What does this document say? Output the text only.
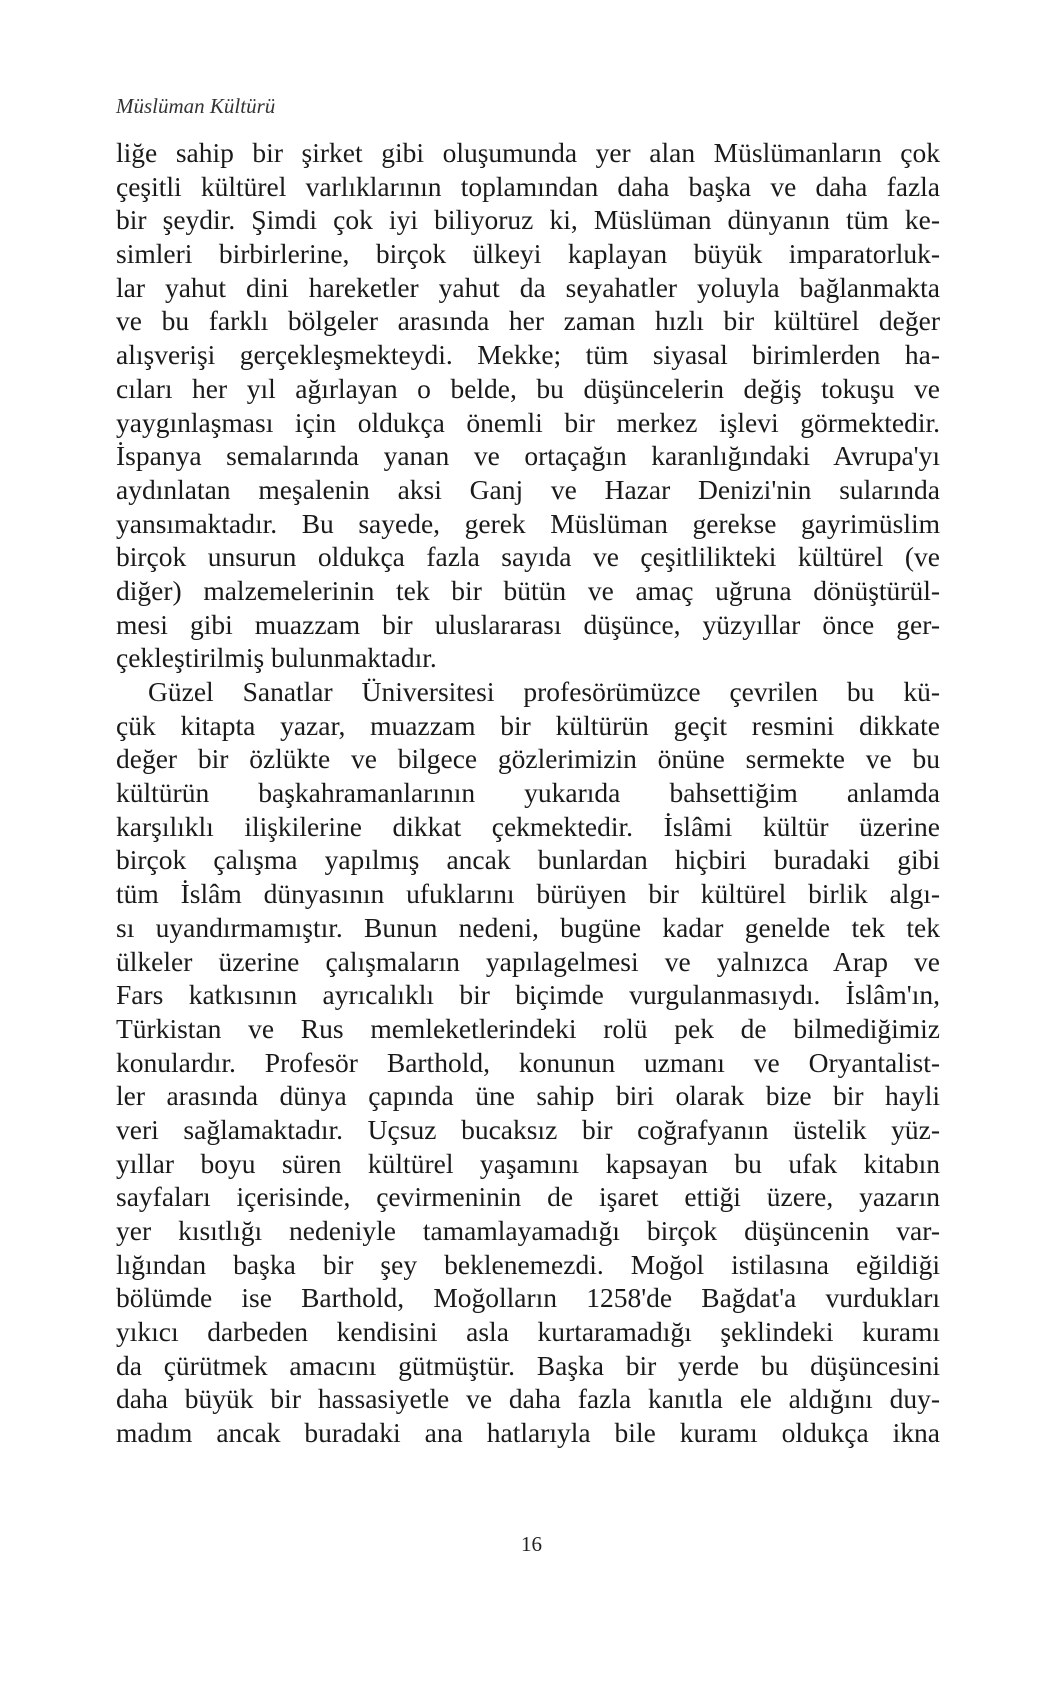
Müslüman Kültürü
liğe sahip bir şirket gibi oluşumunda yer alan Müslümanların çok
çeşitli kültürel varlıklarının toplamından daha başka ve daha fazla
bir şeydir. Şimdi çok iyi biliyoruz ki, Müslüman dünyanın tüm ke-
simleri birbirlerine, birçok ülkeyi kaplayan büyük imparatorluk-
lar yahut dini hareketler yahut da seyahatler yoluyla bağlanmakta
ve bu farklı bölgeler arasında her zaman hızlı bir kültürel değer
alışverişi gerçekleşmekteydi. Mekke; tüm siyasal birimlerden ha-
cıları her yıl ağırlayan o belde, bu düşüncelerin değiş tokuşu ve
yaygınlaşması için oldukça önemli bir merkez işlevi görmektedir.
İspanya semalarında yanan ve ortaçağın karanlığındaki Avrupa'yı
aydınlatan meşalenin aksi Ganj ve Hazar Denizi'nin sularında
yansımaktadır. Bu sayede, gerek Müslüman gerekse gayrimüslim
birçok unsurun oldukça fazla sayıda ve çeşitlilikteki kültürel (ve
diğer) malzemelerinin tek bir bütün ve amaç uğruna dönüştürül-
mesi gibi muazzam bir uluslararası düşünce, yüzyıllar önce ger-
çekleştirilmiş bulunmaktadır.
Güzel Sanatlar Üniversitesi profesörümüzce çevrilen bu kü-
çük kitapta yazar, muazzam bir kültürün geçit resmini dikkate
değer bir özlükte ve bilgece gözlerimizin önüne sermekte ve bu
kültürün başkahramanlarının yukarıda bahsettiğim anlamda
karşılıklı ilişkilerine dikkat çekmektedir. İslâmi kültür üzerine
birçok çalışma yapılmış ancak bunlardan hiçbiri buradaki gibi
tüm İslâm dünyasının ufuklarını bürüyen bir kültürel birlik algı-
sı uyandırmamıştır. Bunun nedeni, bugüne kadar genelde tek tek
ülkeler üzerine çalışmaların yapılagelmesi ve yalnızca Arap ve
Fars katkısının ayrıcalıklı bir biçimde vurgulanmasıydı. İslâm'ın,
Türkistan ve Rus memleketlerindeki rolü pek de bilmediğimiz
konulardır. Profesör Barthold, konunun uzmanı ve Oryantalist-
ler arasında dünya çapında üne sahip biri olarak bize bir hayli
veri sağlamaktadır. Uçsuz bucaksız bir coğrafyanın üstelik yüz-
yıllar boyu süren kültürel yaşamını kapsayan bu ufak kitabın
sayfaları içerisinde, çevirmeninin de işaret ettiği üzere, yazarın
yer kısıtlığı nedeniyle tamamlayamadığı birçok düşüncenin var-
lığından başka bir şey beklenemezdi. Moğol istilasına eğildiği
bölümde ise Barthold, Moğolların 1258'de Bağdat'a vurdukları
yıkıcı darbeden kendisini asla kurtaramadığı şeklindeki kuramı
da çürütmek amacını gütmüştür. Başka bir yerde bu düşüncesini
daha büyük bir hassasiyetle ve daha fazla kanıtla ele aldığını duy-
madım ancak buradaki ana hatlarıyla bile kuramı oldukça ikna
16
